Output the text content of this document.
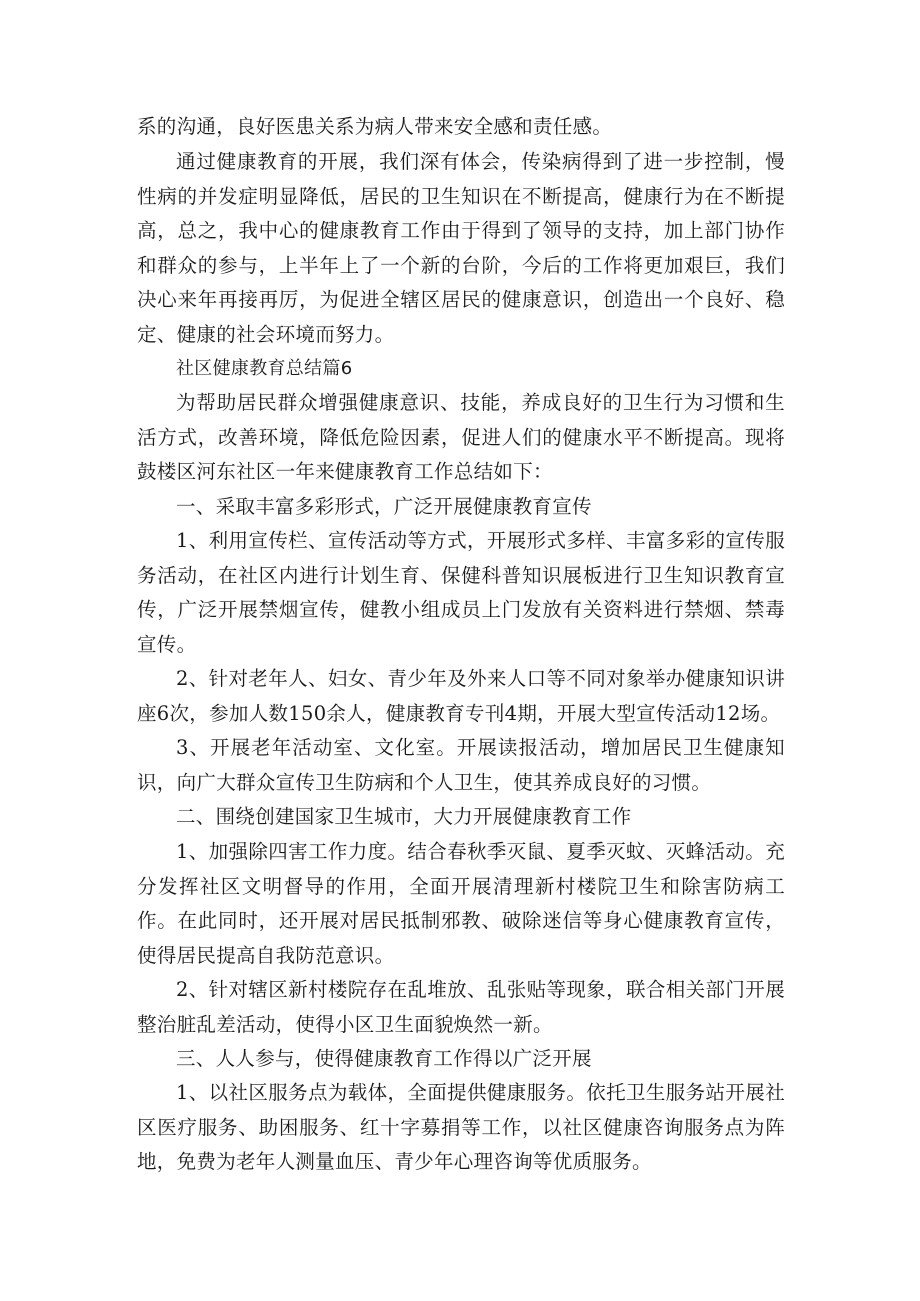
系的沟通，良好医患关系为病人带来安全感和责任感。

通过健康教育的开展，我们深有体会，传染病得到了进一步控制，慢性病的并发症明显降低，居民的卫生知识在不断提高，健康行为在不断提高，总之，我中心的健康教育工作由于得到了领导的支持，加上部门协作和群众的参与，上半年上了一个新的台阶，今后的工作将更加艰巨，我们决心来年再接再厉，为促进全辖区居民的健康意识，创造出一个良好、稳定、健康的社会环境而努力。

社区健康教育总结篇6

为帮助居民群众增强健康意识、技能，养成良好的卫生行为习惯和生活方式，改善环境，降低危险因素，促进人们的健康水平不断提高。现将鼓楼区河东社区一年来健康教育工作总结如下：

一、采取丰富多彩形式，广泛开展健康教育宣传

1、利用宣传栏、宣传活动等方式，开展形式多样、丰富多彩的宣传服务活动，在社区内进行计划生育、保健科普知识展板进行卫生知识教育宣传，广泛开展禁烟宣传，健教小组成员上门发放有关资料进行禁烟、禁毒宣传。

2、针对老年人、妇女、青少年及外来人口等不同对象举办健康知识讲座6次，参加人数150余人，健康教育专刊4期，开展大型宣传活动12场。

3、开展老年活动室、文化室。开展读报活动，增加居民卫生健康知识，向广大群众宣传卫生防病和个人卫生，使其养成良好的习惯。

二、围绕创建国家卫生城市，大力开展健康教育工作

1、加强除四害工作力度。结合春秋季灭鼠、夏季灭蚊、灭蜂活动。充分发挥社区文明督导的作用，全面开展清理新村楼院卫生和除害防病工作。在此同时，还开展对居民抵制邪教、破除迷信等身心健康教育宣传，使得居民提高自我防范意识。

2、针对辖区新村楼院存在乱堆放、乱张贴等现象，联合相关部门开展整治脏乱差活动，使得小区卫生面貌焕然一新。

三、人人参与，使得健康教育工作得以广泛开展

1、以社区服务点为载体，全面提供健康服务。依托卫生服务站开展社区医疗服务、助困服务、红十字募捐等工作，以社区健康咨询服务点为阵地，免费为老年人测量血压、青少年心理咨询等优质服务。
